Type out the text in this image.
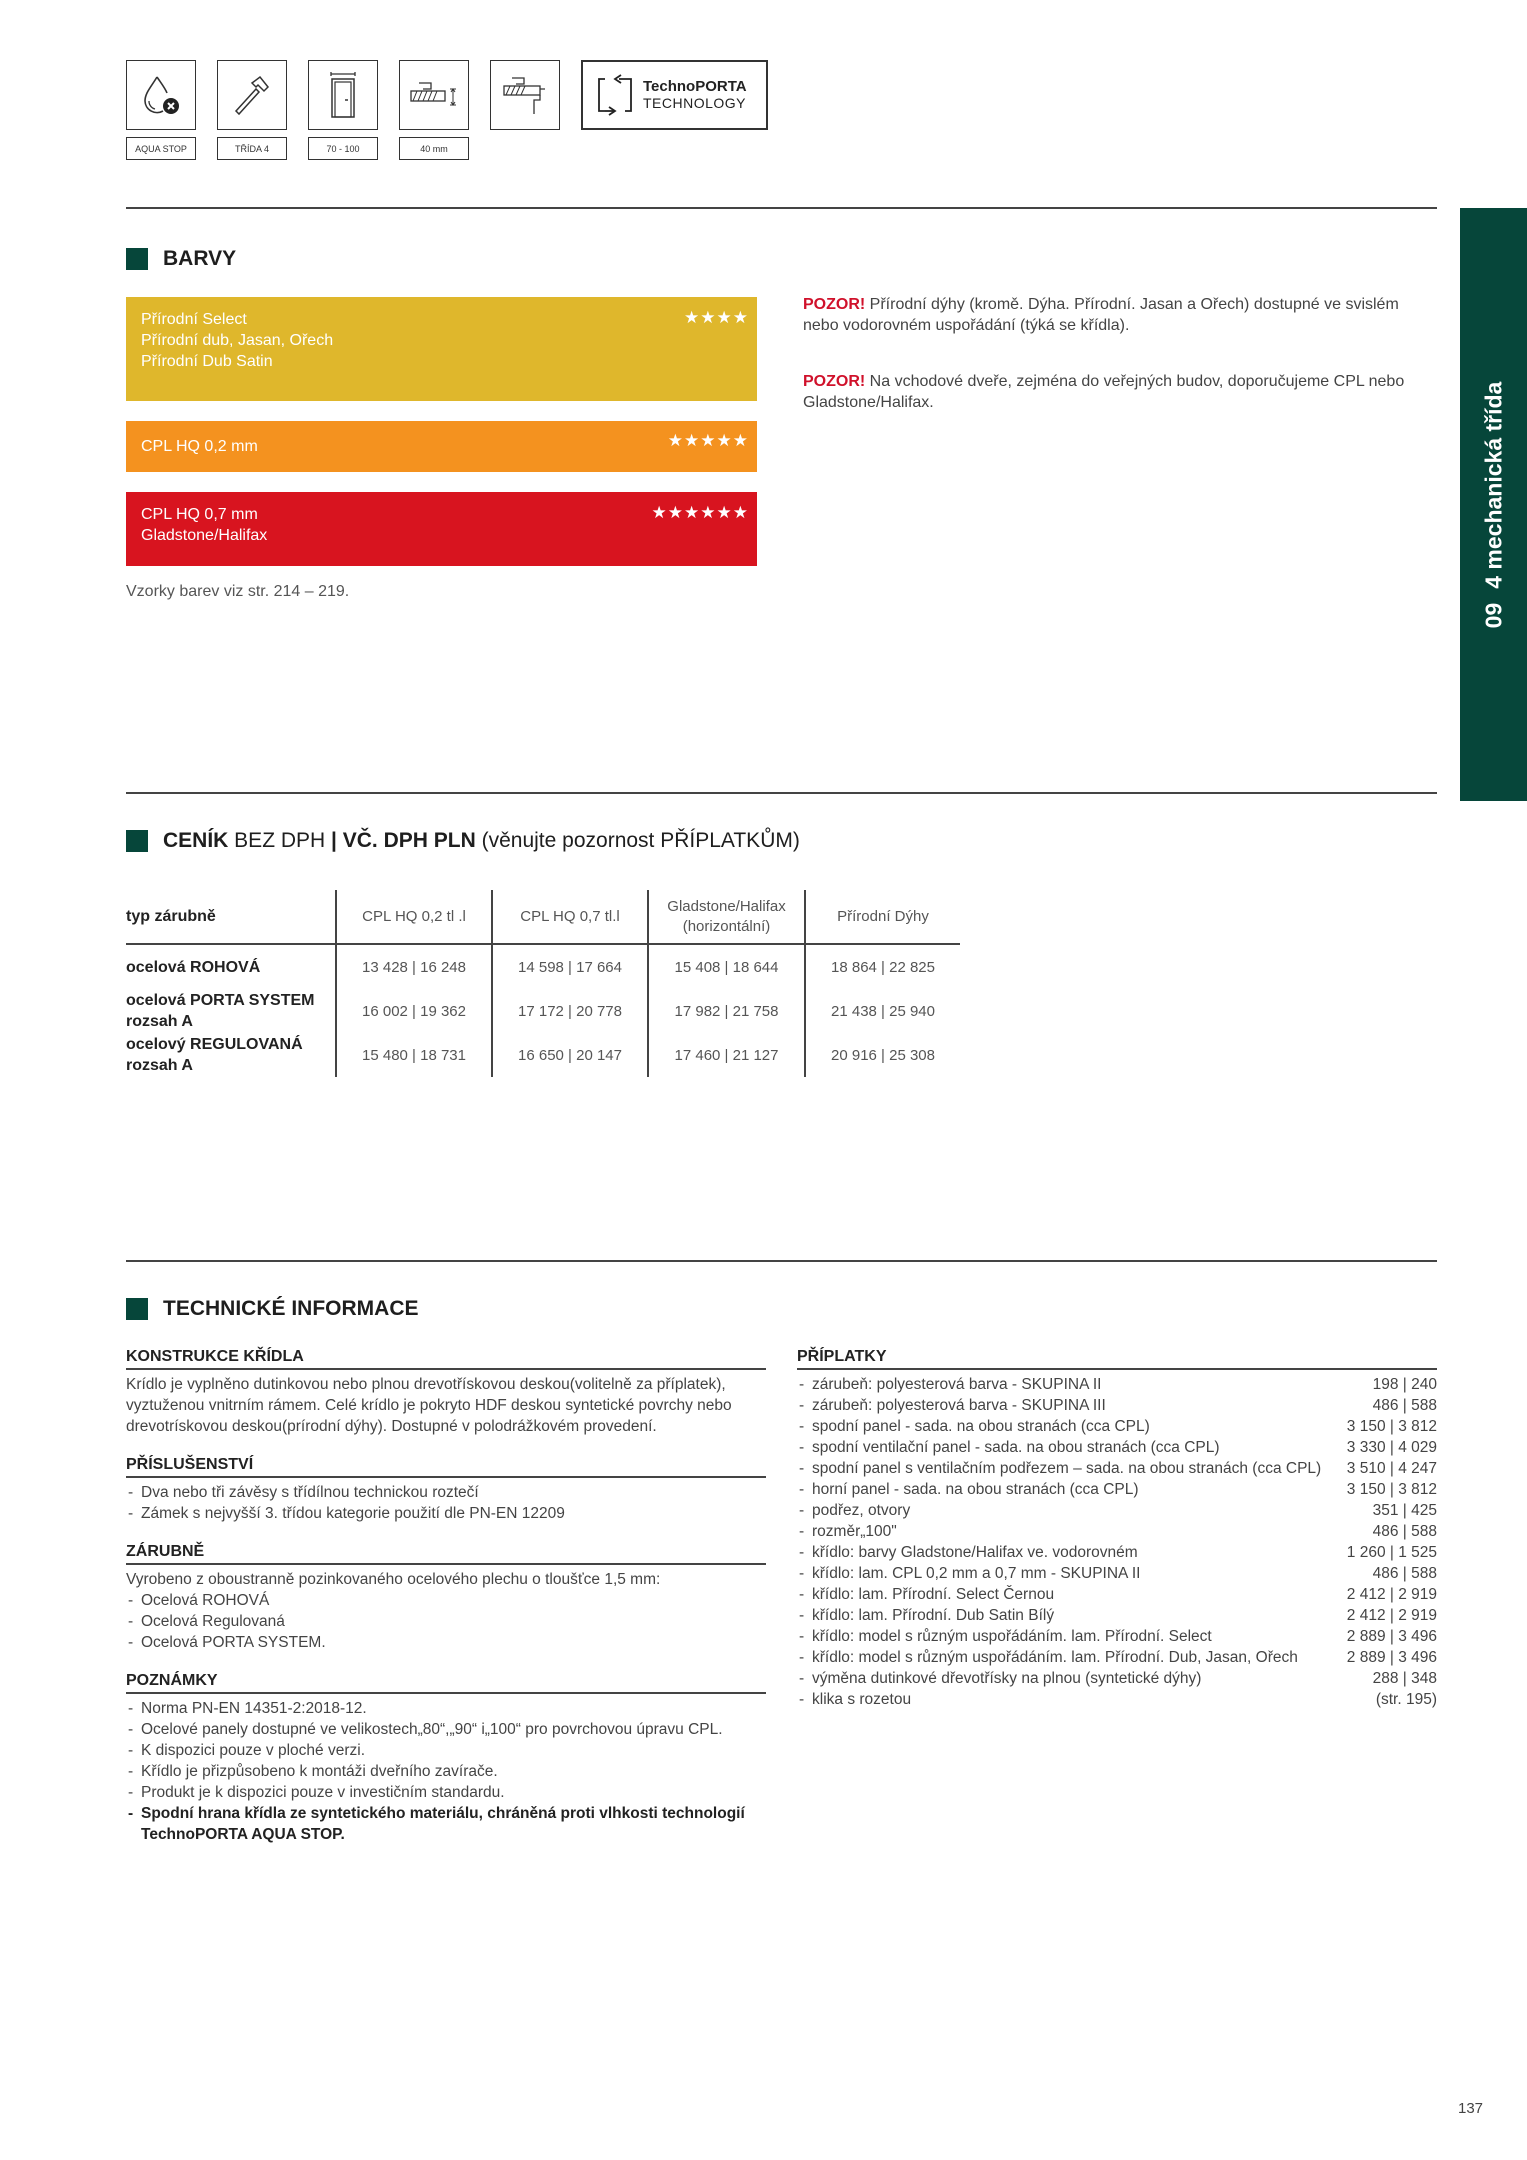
AQUA STOP	TŘÍDA 4	70 - 100	40 mm
TechnoPORTA
TECHNOLOGY
094 mechanická třída
BARVY
Přírodní Select
Přírodní dub, Jasan, Ořech
Přírodní Dub Satin
★★★★
CPL HQ 0,2 mm	★★★★★
CPL HQ 0,7 mm
Gladstone/Halifax
★★★★★★
Vzorky barev viz str. 214 – 219.
POZOR! Přírodní dýhy (kromě. Dýha. Přírodní. Jasan a Ořech) dostupné ve svislém nebo vodorovném uspořádání (týká se křídla).
POZOR! Na vchodové dveře, zejména do veřejných budov, doporučujeme CPL nebo Gladstone/Halifax.
CENÍK BEZ DPH | VČ. DPH PLN (věnujte pozornost PŘÍPLATKŮM)
typ zárubně	CPL HQ 0,2 tl .l	CPL HQ 0,7 tl.l	Gladstone/Halifax (horizontální)	Přírodní Dýhy
ocelová ROHOVÁ	13 428 | 16 248	14 598 | 17 664	15 408 | 18 644	18 864 | 22 825
ocelová PORTA SYSTEM rozsah A	16 002 | 19 362	17 172 | 20 778	17 982 | 21 758	21 438 | 25 940
ocelový REGULOVANÁ rozsah A	15 480 | 18 731	16 650 | 20 147	17 460 | 21 127	20 916 | 25 308
TECHNICKÉ INFORMACE
KONSTRUKCE KŘÍDLA

Krídlo je vyplněno dutinkovou nebo plnou drevotřískovou deskou(volitelně za příplatek), vyztuženou vnitrním rámem. Celé krídlo je pokryto HDF deskou syntetické povrchy nebo drevotrískovou deskou(prírodní dýhy). Dostupné v polodrážkovém provedení.

PŘÍSLUŠENSTVÍ
- Dva nebo tři závěsy s třídílnou technickou roztečí
- Zámek s nejvyšší 3. třídou kategorie použití dle PN-EN 12209
ZÁRUBNĚ

Vyrobeno z oboustranně pozinkovaného ocelového plechu o tloušťce 1,5 mm:

- Ocelová ROHOVÁ
- Ocelová Regulovaná
- Ocelová PORTA SYSTEM.
POZNÁMKY
- Norma PN-EN 14351-2:2018-12.
- Ocelové panely dostupné ve velikostech„80“,„90“ i„100“ pro povrchovou úpravu CPL.
- K dispozici pouze v ploché verzi.
- Křídlo je přizpůsobeno k montáži dveřního zavírače.
- Produkt je k dispozici pouze v investičním standardu.
- Spodní hrana křídla ze syntetického materiálu, chráněná proti vlhkosti technologií TechnoPORTA AQUA STOP.
PŘÍPLATKY
- zárubeň: polyesterová barva - SKUPINA II	198 | 240
- zárubeň: polyesterová barva - SKUPINA III	486 | 588
- spodní panel - sada. na obou stranách (cca CPL)	3 150 | 3 812
- spodní ventilační panel - sada. na obou stranách (cca CPL)	3 330 | 4 029
- spodní panel s ventilačním podřezem – sada. na obou stranách (cca CPL) 3 510 | 4 247
- horní panel - sada. na obou stranách (cca CPL)	3 150 | 3 812
- podřez, otvory	351 | 425
- rozměr„100"	486 | 588
- křídlo: barvy Gladstone/Halifax ve. vodorovném	1 260 | 1 525
- křídlo: lam. CPL 0,2 mm a 0,7 mm - SKUPINA II	486 | 588
- křídlo: lam. Přírodní. Select Černou	2 412 | 2 919
- křídlo: lam. Přírodní. Dub Satin Bílý	2 412 | 2 919
- křídlo: model s různým uspořádáním. lam. Přírodní. Select	2 889 | 3 496
- křídlo: model s různým uspořádáním. lam. Přírodní. Dub, Jasan, Ořech	2 889 | 3 496
- výměna dutinkové dřevotřísky na plnou (syntetické dýhy)	288 | 348
- klika s rozetou	(str. 195)
137
